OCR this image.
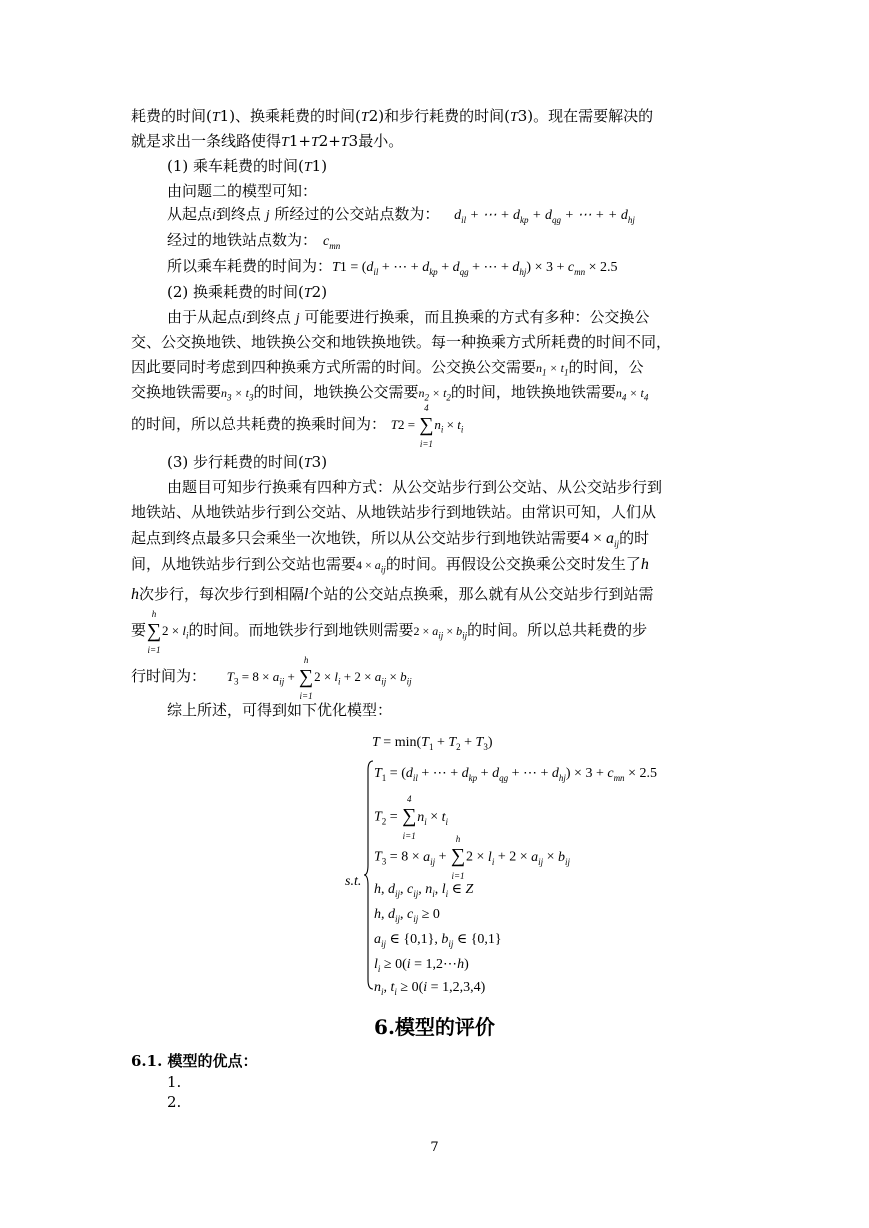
耗费的时间(T1)、换乘耗费的时间(T2)和步行耗费的时间(T3)。现在需要解决的
就是求出一条线路使得T1+T2+T3最小。
(1) 乘车耗费的时间(T1)
由问题二的模型可知：
从起点i到终点 j 所经过的公交站点数为： $d_{il}$ + ⋯ + $d_{kp} + d_{qg}$ + ⋯ + + $d_{hj}$
经过的地铁站点数为： $c_{mn}$
所以乘车耗费的时间为：$T1 = (d_{il}$ + ⋯ + $d_{kp} + d_{qg}$ + ⋯ + $d_{hj}) \times 3 + c_{mn} \times 2.5$
(2) 换乘耗费的时间(T2)
由于从起点i到终点 j 可能要进行换乘，而且换乘的方式有多种：公交换公
交、公交换地铁、地铁换公交和地铁换地铁。每一种换乘方式所耗费的时间不同，
因此要同时考虑到四种换乘方式所需的时间。公交换公交需要$n_1 \times t_1$的时间，公
交换地铁需要$n_3 \times t_3$的时间，地铁换公交需要$n_2 \times t_2$的时间，地铁换地铁需要$n_4 \times t_4$
的时间，所以总共耗费的换乘时间为： T2 =
4
∑
i=1
$n_i \times t_i$
(3) 步行耗费的时间(T3)
由题目可知步行换乘有四种方式：从公交站步行到公交站、从公交站步行到
地铁站、从地铁站步行到公交站、从地铁站步行到地铁站。由常识可知，人们从
起点到终点最多只会乘坐一次地铁，所以从公交站步行到地铁站需要$4 \times a_{ij}$的时
间，从地铁站步行到公交站也需要$4 \times a_{ij}$的时间。再假设公交换乘公交时发生了h
h次步行，每次步行到相隔l个站的公交站点换乘，那么就有从公交站步行到站需
要
h
∑
i=1
$2 \times l_i$的时间。而地铁步行到地铁则需要$2 \times a_{ij} \times b_{ij}$的时间。所以总共耗费的步
行时间为： $T_3 = 8 \times a_{ij}$ +
h
∑
i=1
$2 \times l_i + 2 \times a_{ij} \times b_{ij}$
综上所述，可得到如下优化模型：
$T = \min(T_1 + T_2 + T_3)$
s.t.
$T_1 = (d_{il}$ + ⋯ + $d_{kp} + d_{qg}$ + ⋯ + $d_{hj}) \times 3 + c_{mn} \times 2.5$
$T_2$ =
4
∑
i=1
$n_i \times t_i$
$T_3 = 8 \times a_{ij}$ +
h
∑
i=1
$2 \times l_i + 2 \times a_{ij} \times b_{ij}$
h, $d_{ij}$, $c_{ij}$, $n_i$, $l_i$ ∈ Z
h, $d_{ij}$, $c_{ij} \ge 0$
$a_{ij}$ ∈ {0,1}, $b_{ij}$ ∈ {0,1}
$l_i \ge 0(i$ = 1,2⋯h)
$n_i$, $t_i \ge 0(i = 1,2,3,4)$
6.模型的评价
6.1. 模型的优点：
1.
2.
7
